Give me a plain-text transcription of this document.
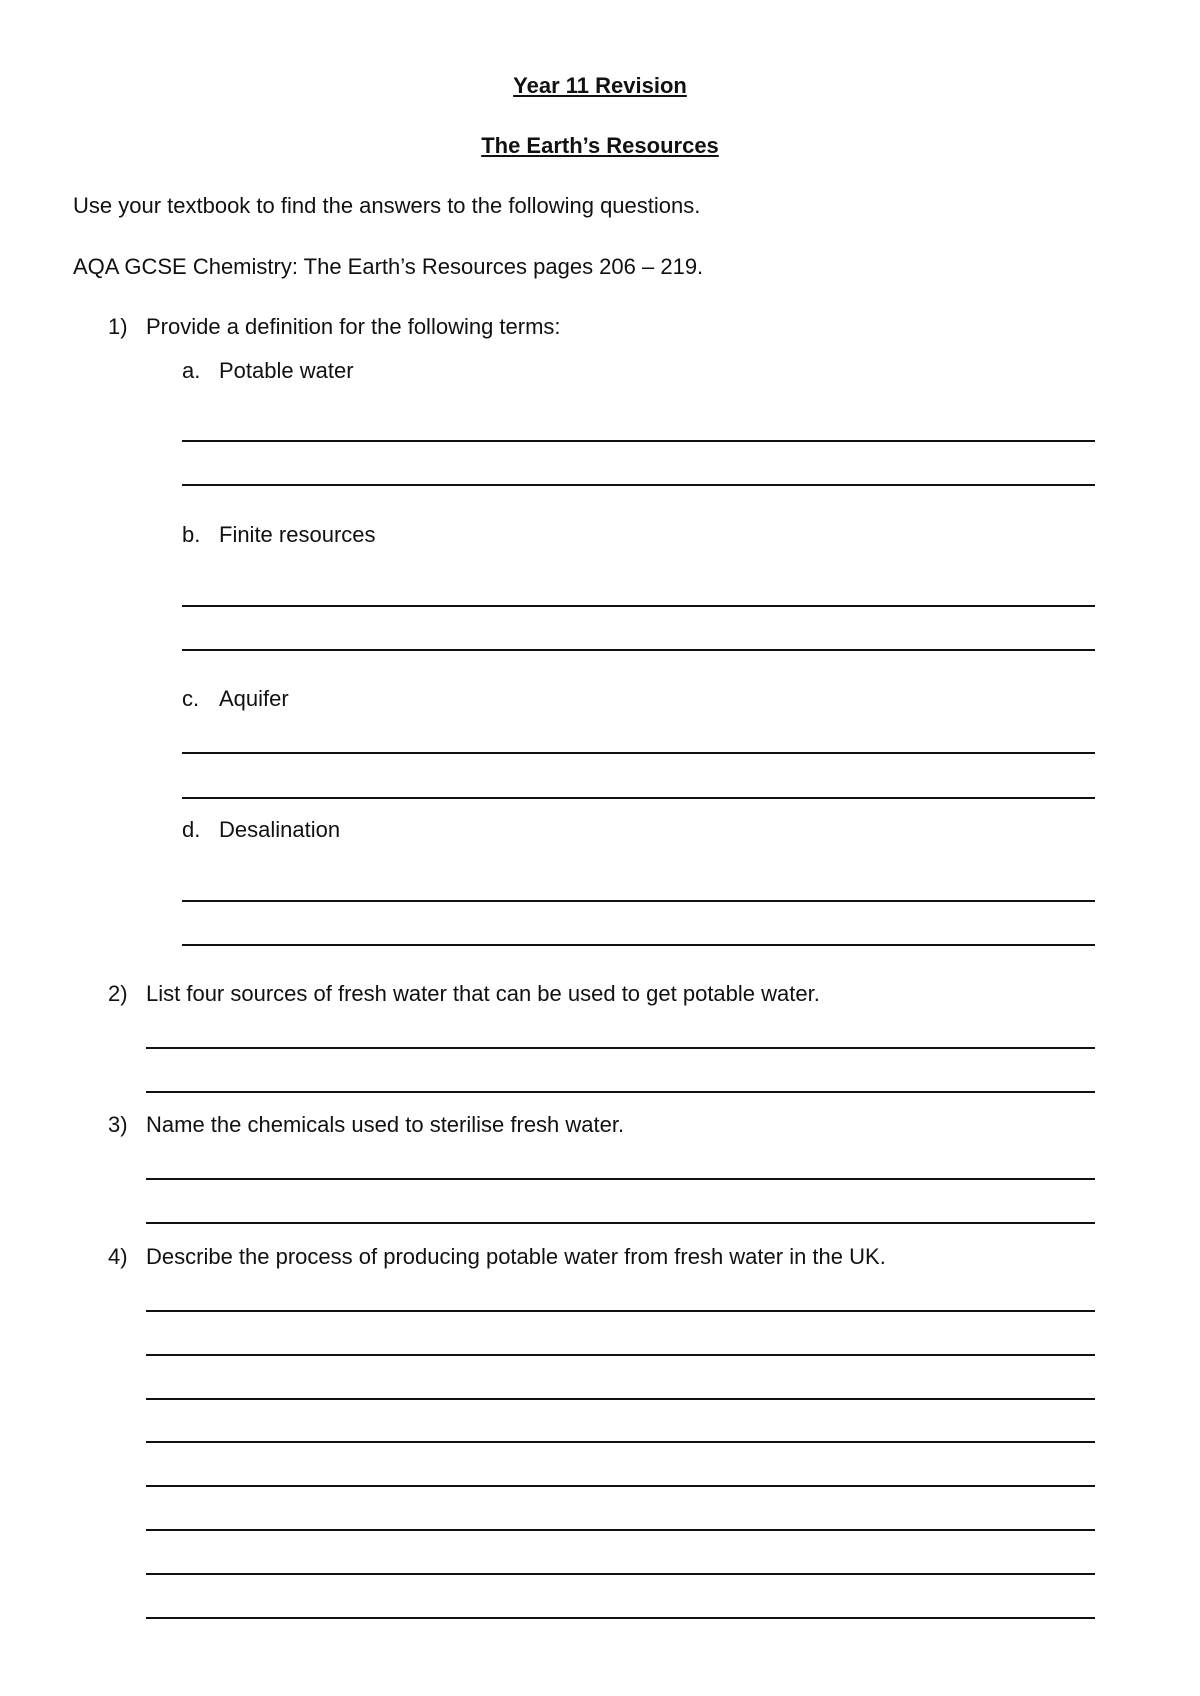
Year 11 Revision
The Earth’s Resources
Use your textbook to find the answers to the following questions.
AQA GCSE Chemistry: The Earth’s Resources pages 206 – 219.
1) Provide a definition for the following terms:
a. Potable water
b. Finite resources
c. Aquifer
d. Desalination
2) List four sources of fresh water that can be used to get potable water.
3) Name the chemicals used to sterilise fresh water.
4) Describe the process of producing potable water from fresh water in the UK.
